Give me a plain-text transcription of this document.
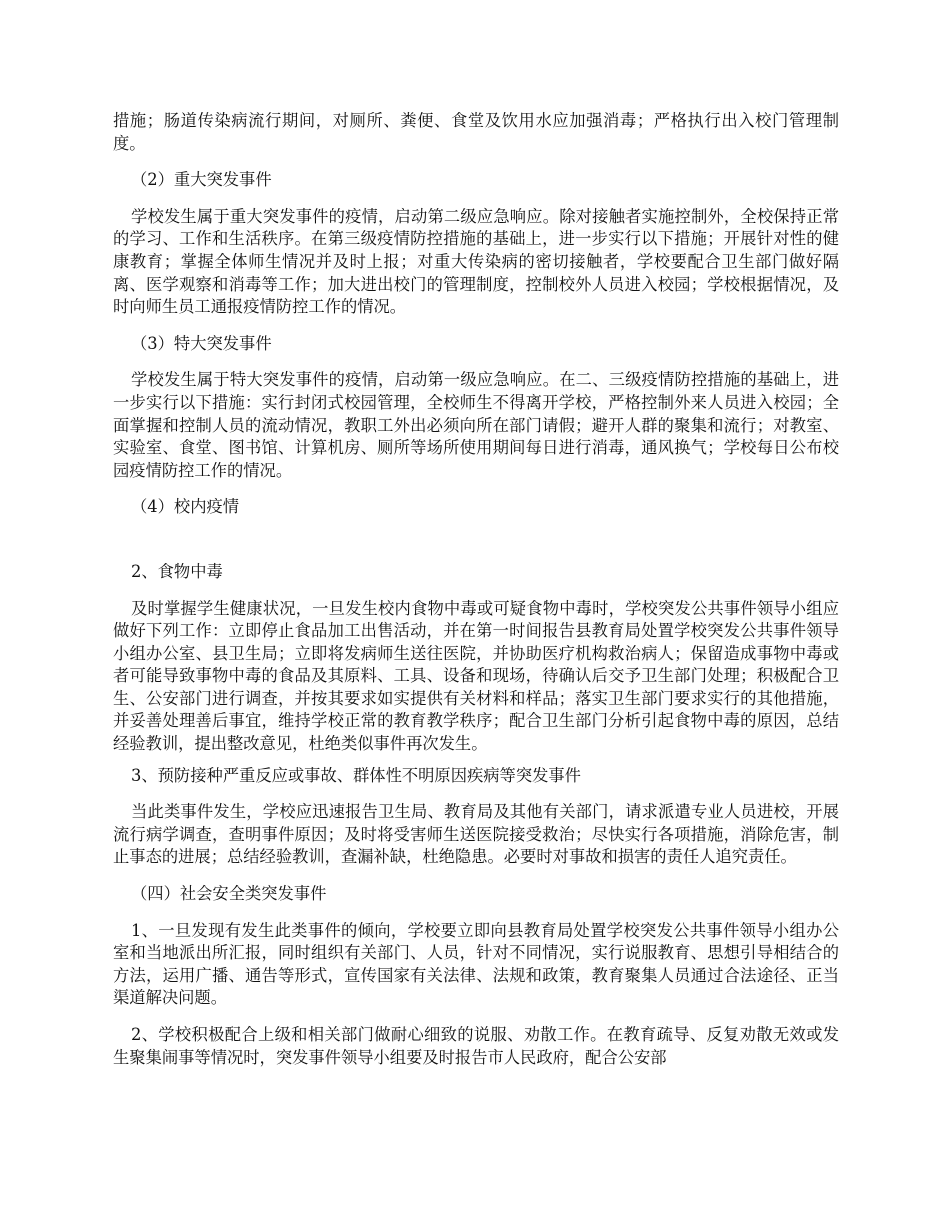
措施；肠道传染病流行期间，对厕所、粪便、食堂及饮用水应加强消毒；严格执行出入校门管理制度。

（2）重大突发事件

学校发生属于重大突发事件的疫情，启动第二级应急响应。除对接触者实施控制外，全校保持正常的学习、工作和生活秩序。在第三级疫情防控措施的基础上，进一步实行以下措施；开展针对性的健康教育；掌握全体师生情况并及时上报；对重大传染病的密切接触者，学校要配合卫生部门做好隔离、医学观察和消毒等工作；加大进出校门的管理制度，控制校外人员进入校园；学校根据情况，及时向师生员工通报疫情防控工作的情况。

（3）特大突发事件

学校发生属于特大突发事件的疫情，启动第一级应急响应。在二、三级疫情防控措施的基础上，进一步实行以下措施：实行封闭式校园管理，全校师生不得离开学校，严格控制外来人员进入校园；全面掌握和控制人员的流动情况，教职工外出必须向所在部门请假；避开人群的聚集和流行；对教室、实验室、食堂、图书馆、计算机房、厕所等场所使用期间每日进行消毒，通风换气；学校每日公布校园疫情防控工作的情况。

（4）校内疫情

2、食物中毒

及时掌握学生健康状况，一旦发生校内食物中毒或可疑食物中毒时，学校突发公共事件领导小组应做好下列工作：立即停止食品加工出售活动，并在第一时间报告县教育局处置学校突发公共事件领导小组办公室、县卫生局；立即将发病师生送往医院，并协助医疗机构救治病人；保留造成事物中毒或者可能导致事物中毒的食品及其原料、工具、设备和现场，待确认后交予卫生部门处理；积极配合卫生、公安部门进行调查，并按其要求如实提供有关材料和样品；落实卫生部门要求实行的其他措施，并妥善处理善后事宜，维持学校正常的教育教学秩序；配合卫生部门分析引起食物中毒的原因，总结经验教训，提出整改意见，杜绝类似事件再次发生。

3、预防接种严重反应或事故、群体性不明原因疾病等突发事件

当此类事件发生，学校应迅速报告卫生局、教育局及其他有关部门，请求派遣专业人员进校，开展流行病学调查，查明事件原因；及时将受害师生送医院接受救治；尽快实行各项措施，消除危害，制止事态的进展；总结经验教训，查漏补缺，杜绝隐患。必要时对事故和损害的责任人追究责任。

（四）社会安全类突发事件

1、一旦发现有发生此类事件的倾向，学校要立即向县教育局处置学校突发公共事件领导小组办公室和当地派出所汇报，同时组织有关部门、人员，针对不同情况，实行说服教育、思想引导相结合的方法，运用广播、通告等形式，宣传国家有关法律、法规和政策，教育聚集人员通过合法途径、正当渠道解决问题。

2、学校积极配合上级和相关部门做耐心细致的说服、劝散工作。在教育疏导、反复劝散无效或发生聚集闹事等情况时，突发事件领导小组要及时报告市人民政府，配合公安部
